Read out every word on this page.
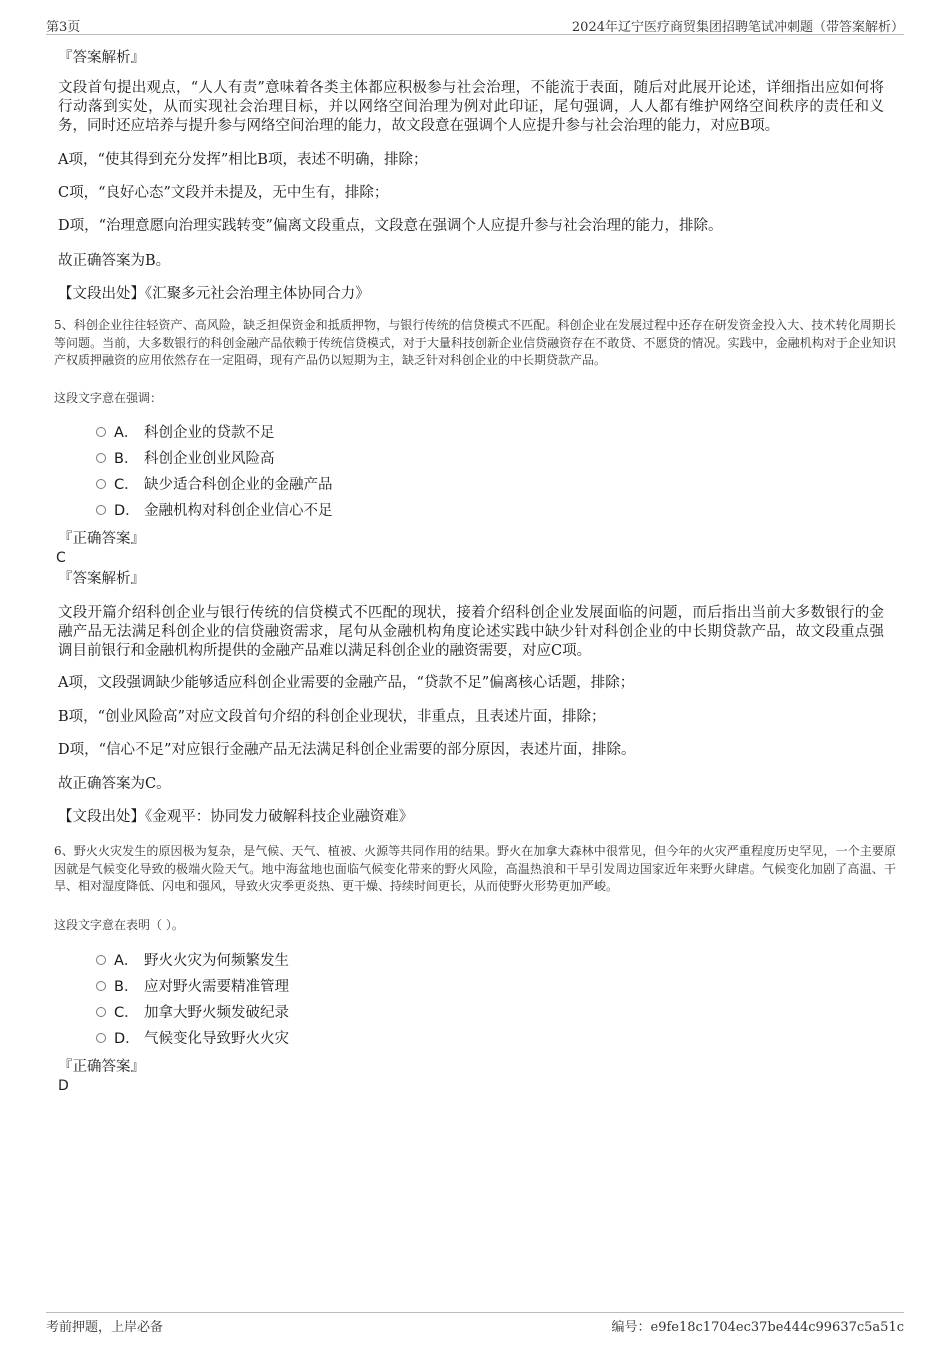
第3页	2024年辽宁医疗商贸集团招聘笔试冲刺题（带答案解析）

『答案解析』

文段首句提出观点，“人人有责”意味着各类主体都应积极参与社会治理，不能流于表面，随后对此展开论述，详细指出应如何将行动落到实处，从而实现社会治理目标，并以网络空间治理为例对此印证，尾句强调，人人都有维护网络空间秩序的责任和义务，同时还应培养与提升参与网络空间治理的能力，故文段意在强调个人应提升参与社会治理的能力，对应B项。

A项，“使其得到充分发挥”相比B项，表述不明确，排除；

C项，“良好心态”文段并未提及，无中生有，排除；

D项，“治理意愿向治理实践转变”偏离文段重点，文段意在强调个人应提升参与社会治理的能力，排除。

故正确答案为B。

【文段出处】《汇聚多元社会治理主体协同合力》

5、科创企业往往轻资产、高风险，缺乏担保资金和抵质押物，与银行传统的信贷模式不匹配。科创企业在发展过程中还存在研发资金投入大、技术转化周期长等问题。当前，大多数银行的科创金融产品依赖于传统信贷模式，对于大量科技创新企业信贷融资存在不敢贷、不愿贷的情况。实践中，金融机构对于企业知识产权质押融资的应用依然存在一定阻碍，现有产品仍以短期为主，缺乏针对科创企业的中长期贷款产品。

这段文字意在强调：

A． 科创企业的贷款不足
B． 科创企业创业风险高
C． 缺少适合科创企业的金融产品
D． 金融机构对科创企业信心不足

『正确答案』

C

『答案解析』

文段开篇介绍科创企业与银行传统的信贷模式不匹配的现状，接着介绍科创企业发展面临的问题，而后指出当前大多数银行的金融产品无法满足科创企业的信贷融资需求，尾句从金融机构角度论述实践中缺少针对科创企业的中长期贷款产品，故文段重点强调目前银行和金融机构所提供的金融产品难以满足科创企业的融资需要，对应C项。

A项，文段强调缺少能够适应科创企业需要的金融产品，“贷款不足”偏离核心话题，排除；

B项，“创业风险高”对应文段首句介绍的科创企业现状，非重点，且表述片面，排除；

D项，“信心不足”对应银行金融产品无法满足科创企业需要的部分原因，表述片面，排除。

故正确答案为C。

【文段出处】《金观平：协同发力破解科技企业融资难》

6、野火火灾发生的原因极为复杂，是气候、天气、植被、火源等共同作用的结果。野火在加拿大森林中很常见，但今年的火灾严重程度历史罕见，一个主要原因就是气候变化导致的极端火险天气。地中海盆地也面临气候变化带来的野火风险，高温热浪和干旱引发周边国家近年来野火肆虐。气候变化加剧了高温、干旱、相对湿度降低、闪电和强风，导致火灾季更炎热、更干燥、持续时间更长，从而使野火形势更加严峻。

这段文字意在表明（ ）。

A． 野火火灾为何频繁发生
B． 应对野火需要精准管理
C． 加拿大野火频发破纪录
D． 气候变化导致野火火灾

『正确答案』

D

考前押题，上岸必备	编号：e9fe18c1704ec37be444c99637c5a51c
